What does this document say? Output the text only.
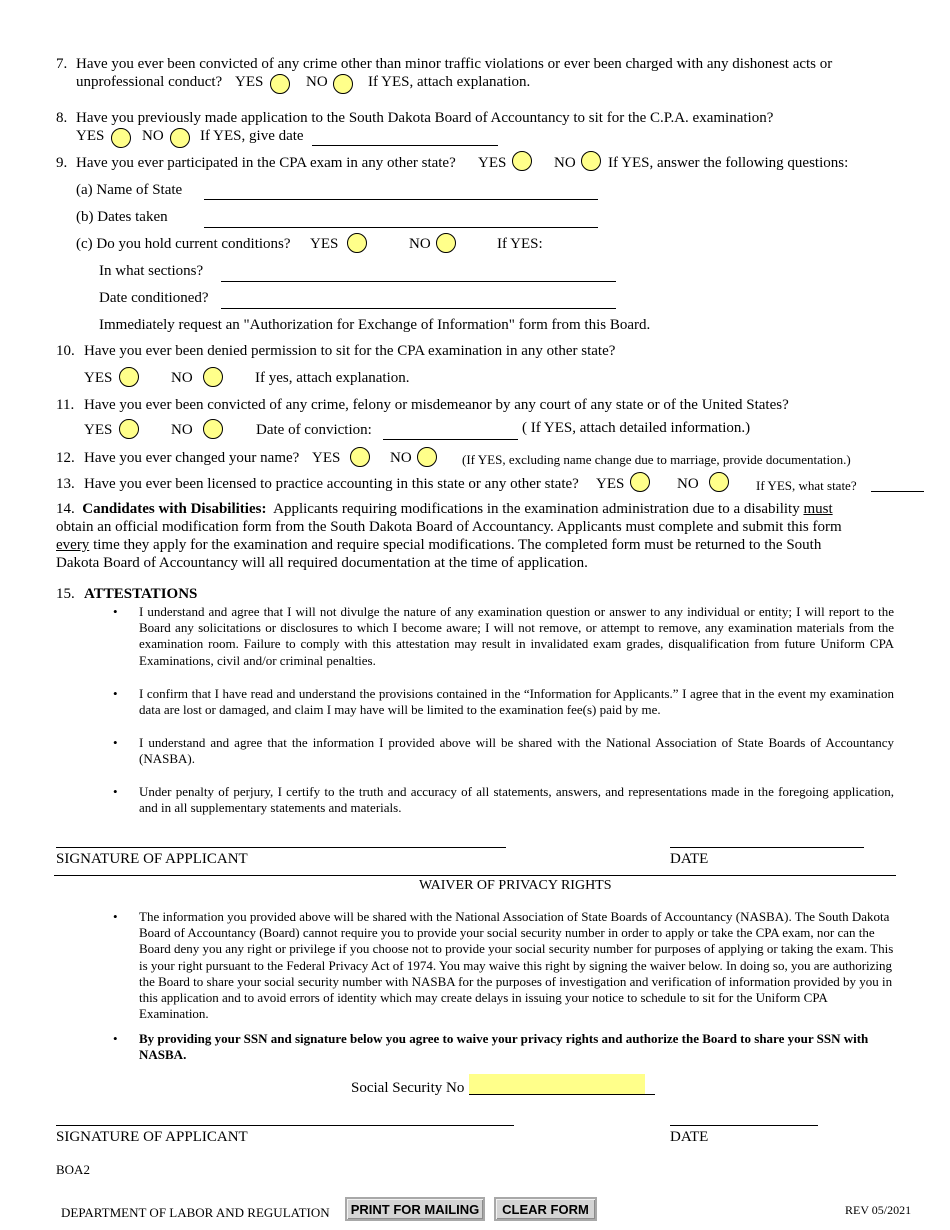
7. Have you ever been convicted of any crime other than minor traffic violations or ever been charged with any dishonest acts or
unprofessional conduct? YES	NO	If YES, attach explanation.
8. Have you previously made application to the South Dakota Board of Accountancy to sit for the C.P.A. examination?
YES	NO If YES, give date
9. Have you ever participated in the CPA exam in any other state? YES	NO If YES, answer the following questions:
(a) Name of State
(b) Dates taken
(c) Do you hold current conditions? YES	NO	If YES:
In what sections?
Date conditioned?
Immediately request an "Authorization for Exchange of Information" form from this Board.
10. Have you ever been denied permission to sit for the CPA examination in any other state?
YES	NO	If yes, attach explanation.
11. Have you ever been convicted of any crime, felony or misdemeanor by any court of any state or of the United States?
YES	NO	Date of conviction:	( If YES, attach detailed information.)
12. Have you ever changed your name? YES	NO	(If YES, excluding name change due to marriage, provide documentation.)
13. Have you ever been licensed to practice accounting in this state or any other state? YES	NO	If YES, what state?
14. Candidates with Disabilities: Applicants requiring modifications in the examination administration due to a disability must
obtain an official modification form from the South Dakota Board of Accountancy. Applicants must complete and submit this form
every time they apply for the examination and require special modifications. The completed form must be returned to the South
Dakota Board of Accountancy will all required documentation at the time of application.
15. ATTESTATIONS
• I understand and agree that I will not divulge the nature of any examination question or answer to any individual or entity; I will report to the Board any solicitations or disclosures to which I become aware; I will not remove, or attempt to remove, any examination materials from the examination room. Failure to comply with this attestation may result in invalidated exam grades, disqualification from future Uniform CPA Examinations, civil and/or criminal penalties.
• I confirm that I have read and understand the provisions contained in the “Information for Applicants.” I agree that in the event my examination data are lost or damaged, and claim I may have will be limited to the examination fee(s) paid by me.
• I understand and agree that the information I provided above will be shared with the National Association of State Boards of Accountancy (NASBA).
• Under penalty of perjury, I certify to the truth and accuracy of all statements, answers, and representations made in the foregoing application, and in all supplementary statements and materials.
SIGNATURE OF APPLICANT	DATE
WAIVER OF PRIVACY RIGHTS
• The information you provided above will be shared with the National Association of State Boards of Accountancy (NASBA). The South Dakota Board of Accountancy (Board) cannot require you to provide your social security number in order to apply or take the CPA exam, nor can the Board deny you any right or privilege if you choose not to provide your social security number for purposes of applying or taking the exam. This is your right pursuant to the Federal Privacy Act of 1974. You may waive this right by signing the waiver below. In doing so, you are authorizing the Board to share your social security number with NASBA for the purposes of investigation and verification of information provided by you in this application and to avoid errors of identity which may create delays in issuing your notice to schedule to sit for the Uniform CPA Examination.
• By providing your SSN and signature below you agree to waive your privacy rights and authorize the Board to share your SSN with NASBA.
Social Security No
SIGNATURE OF APPLICANT	DATE
BOA2
DEPARTMENT OF LABOR AND REGULATION	PRINT FOR MAILING	CLEAR FORM	REV 05/2021
